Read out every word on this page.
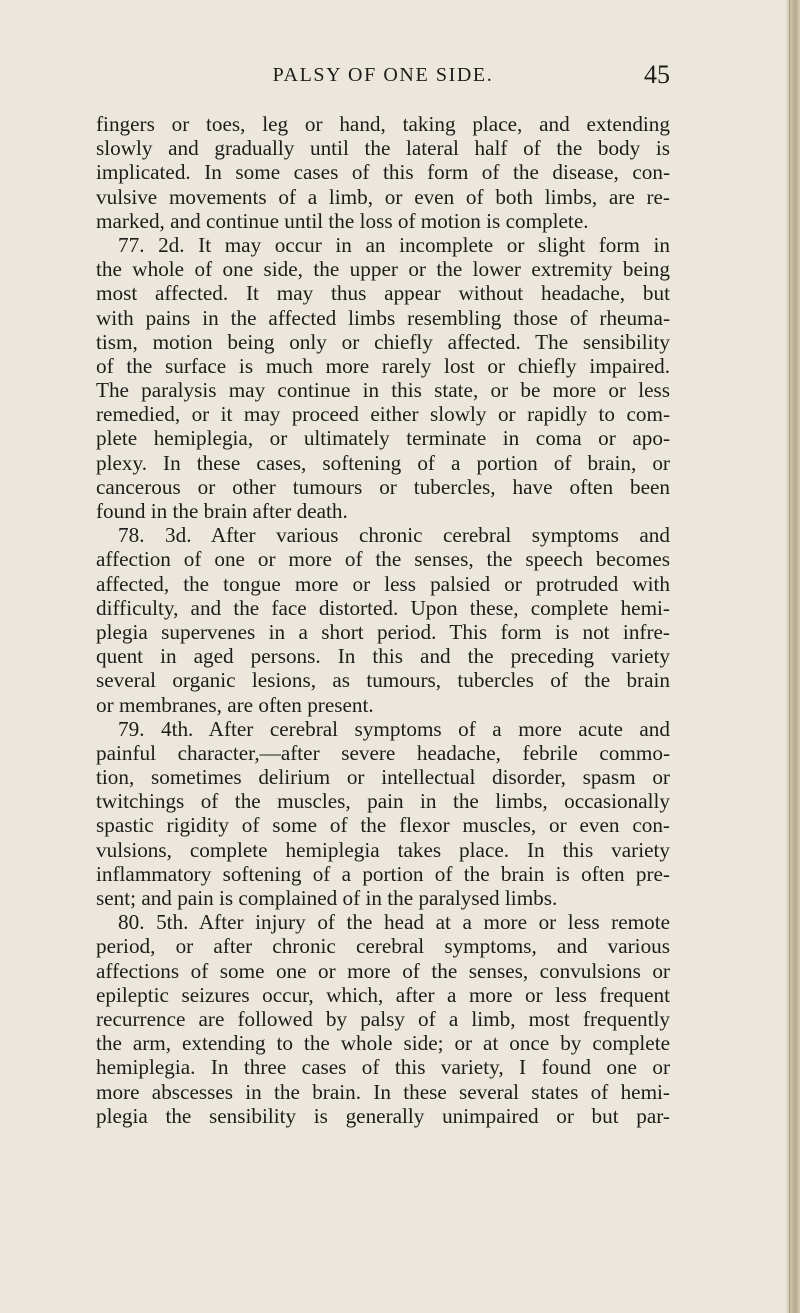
PALSY OF ONE SIDE.	45
fingers or toes, leg or hand, taking place, and extending
slowly and gradually until the lateral half of the body is
implicated. In some cases of this form of the disease, con-
vulsive movements of a limb, or even of both limbs, are re-
marked, and continue until the loss of motion is complete.
77. 2d. It may occur in an incomplete or slight form in
the whole of one side, the upper or the lower extremity being
most affected. It may thus appear without headache, but
with pains in the affected limbs resembling those of rheuma-
tism, motion being only or chiefly affected. The sensibility
of the surface is much more rarely lost or chiefly impaired.
The paralysis may continue in this state, or be more or less
remedied, or it may proceed either slowly or rapidly to com-
plete hemiplegia, or ultimately terminate in coma or apo-
plexy. In these cases, softening of a portion of brain, or
cancerous or other tumours or tubercles, have often been
found in the brain after death.
78. 3d. After various chronic cerebral symptoms and
affection of one or more of the senses, the speech becomes
affected, the tongue more or less palsied or protruded with
difficulty, and the face distorted. Upon these, complete hemi-
plegia supervenes in a short period. This form is not infre-
quent in aged persons. In this and the preceding variety
several organic lesions, as tumours, tubercles of the brain
or membranes, are often present.
79. 4th. After cerebral symptoms of a more acute and
painful character,—after severe headache, febrile commo-
tion, sometimes delirium or intellectual disorder, spasm or
twitchings of the muscles, pain in the limbs, occasionally
spastic rigidity of some of the flexor muscles, or even con-
vulsions, complete hemiplegia takes place. In this variety
inflammatory softening of a portion of the brain is often pre-
sent; and pain is complained of in the paralysed limbs.
80. 5th. After injury of the head at a more or less remote
period, or after chronic cerebral symptoms, and various
affections of some one or more of the senses, convulsions or
epileptic seizures occur, which, after a more or less frequent
recurrence are followed by palsy of a limb, most frequently
the arm, extending to the whole side; or at once by complete
hemiplegia. In three cases of this variety, I found one or
more abscesses in the brain. In these several states of hemi-
plegia the sensibility is generally unimpaired or but par-
